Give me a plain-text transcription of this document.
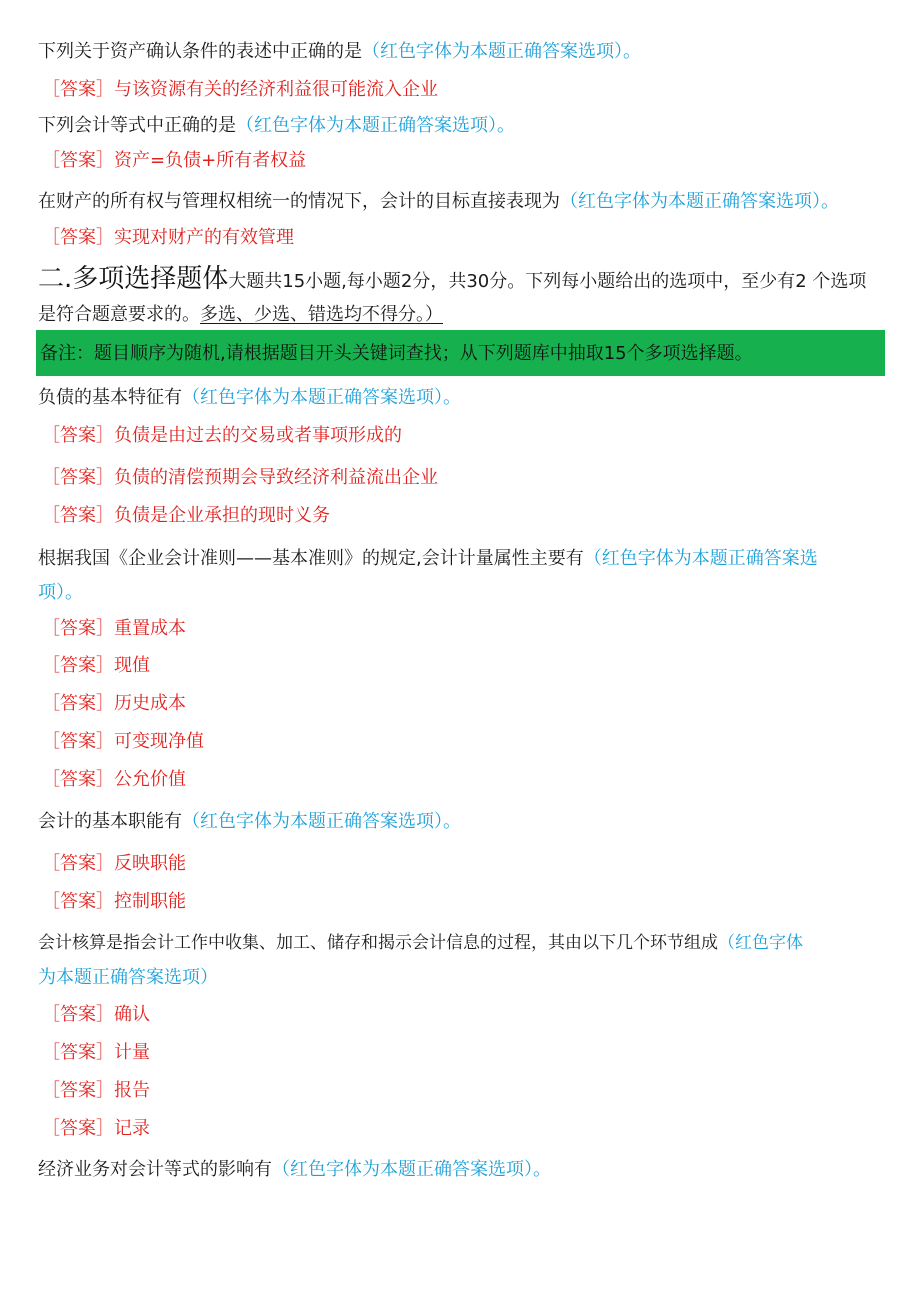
下列关于资产确认条件的表述中正确的是（红色字体为本题正确答案选项）。
［答案］与该资源有关的经济利益很可能流入企业
下列会计等式中正确的是（红色字体为本题正确答案选项）。
［答案］资产=负债+所有者权益
在财产的所有权与管理权相统一的情况下，会计的目标直接表现为（红色字体为本题正确答案选项）。
［答案］实现对财产的有效管理
二.多项选择题体大题共15小题,每小题2分，共30分。下列每小题给出的选项中，至少有2 个选项
是符合题意要求的。多选、少选、错选均不得分。）
备注：题目顺序为随机,请根据题目开头关键词查找；从下列题库中抽取15个多项选择题。
负债的基本特征有（红色字体为本题正确答案选项）。
［答案］负债是由过去的交易或者事项形成的
［答案］负债的清偿预期会导致经济利益流出企业
［答案］负债是企业承担的现时义务
根据我国《企业会计准则——基本准则》的规定,会计计量属性主要有（红色字体为本题正确答案选
项）。
［答案］重置成本
［答案］现值
［答案］历史成本
［答案］可变现净值
［答案］公允价值
会计的基本职能有（红色字体为本题正确答案选项）。
［答案］反映职能
［答案］控制职能
会计核算是指会计工作中收集、加工、储存和揭示会计信息的过程，其由以下几个环节组成（红色字体
为本题正确答案选项）
［答案］确认
［答案］计量
［答案］报告
［答案］记录
经济业务对会计等式的影响有（红色字体为本题正确答案选项）。
